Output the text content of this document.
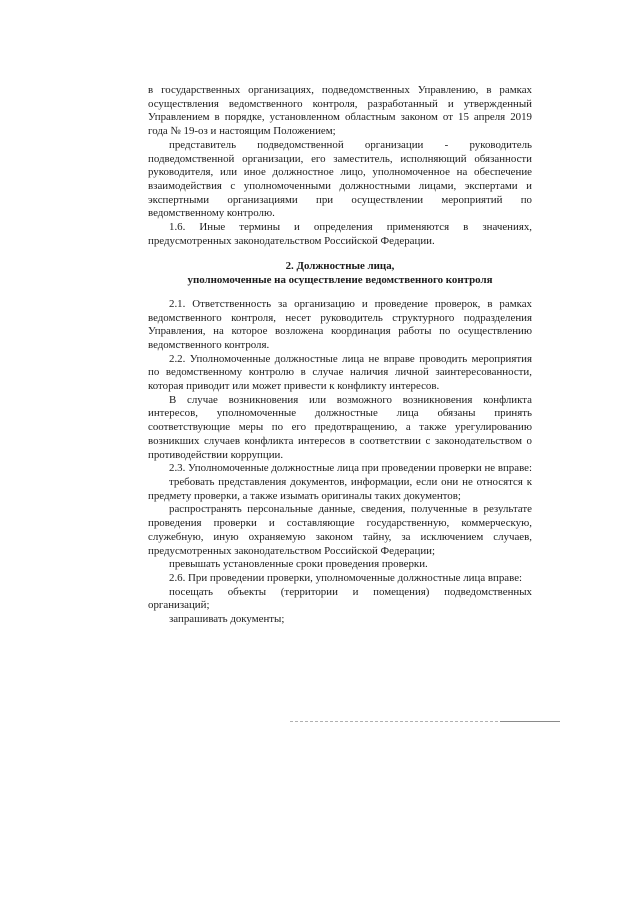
в государственных организациях, подведомственных Управлению, в рамках осуществления ведомственного контроля, разработанный и утвержденный Управлением в порядке, установленном областным законом от 15 апреля 2019 года № 19-оз и настоящим Положением;

представитель подведомственной организации - руководитель подведомственной организации, его заместитель, исполняющий обязанности руководителя, или иное должностное лицо, уполномоченное на обеспечение взаимодействия с уполномоченными должностными лицами, экспертами и экспертными организациями при осуществлении мероприятий по ведомственному контролю.

1.6. Иные термины и определения применяются в значениях, предусмотренных законодательством Российской Федерации.

2. Должностные лица,

уполномоченные на осуществление ведомственного контроля

2.1. Ответственность за организацию и проведение проверок, в рамках ведомственного контроля, несет руководитель структурного подразделения Управления, на которое возложена координация работы по осуществлению ведомственного контроля.

2.2. Уполномоченные должностные лица не вправе проводить мероприятия по ведомственному контролю в случае наличия личной заинтересованности, которая приводит или может привести к конфликту интересов.

В случае возникновения или возможного возникновения конфликта интересов, уполномоченные должностные лица обязаны принять соответствующие меры по его предотвращению, а также урегулированию возникших случаев конфликта интересов в соответствии с законодательством о противодействии коррупции.

2.3. Уполномоченные должностные лица при проведении проверки не вправе:

требовать представления документов, информации, если они не относятся к предмету проверки, а также изымать оригиналы таких документов;

распространять персональные данные, сведения, полученные в результате проведения проверки и составляющие государственную, коммерческую, служебную, иную охраняемую законом тайну, за исключением случаев, предусмотренных законодательством Российской Федерации;

превышать установленные сроки проведения проверки.

2.6. При проведении проверки, уполномоченные должностные лица вправе:

посещать объекты (территории и помещения) подведомственных организаций;

запрашивать документы;
